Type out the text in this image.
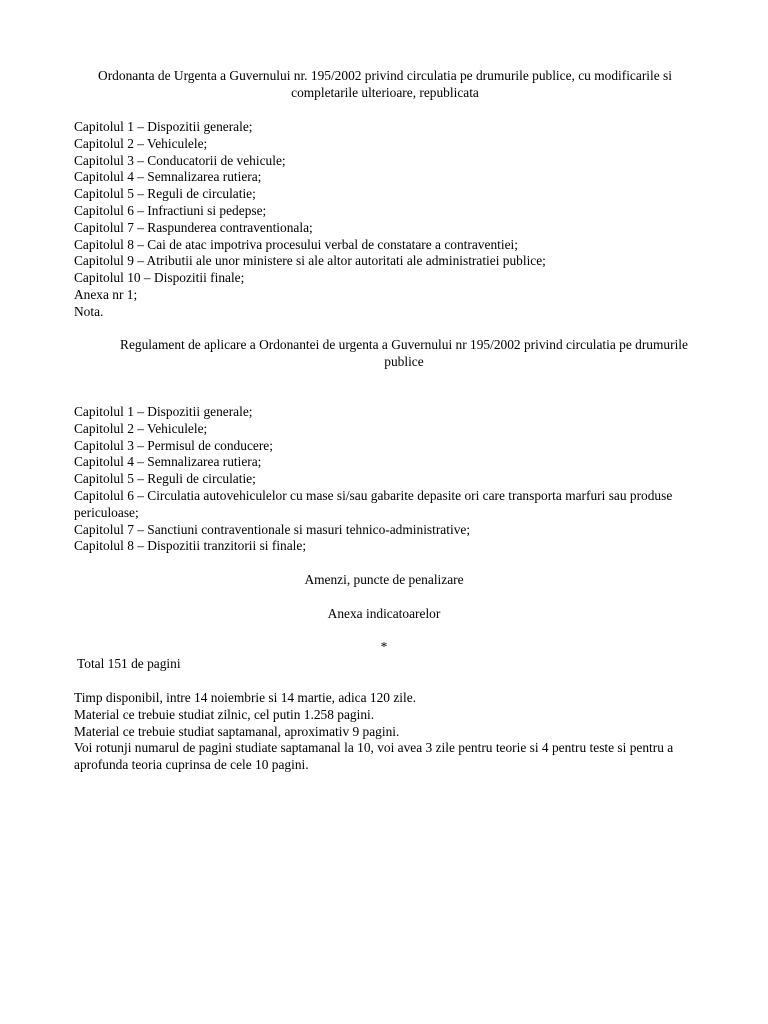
Ordonanta de Urgenta a Guvernului nr. 195/2002 privind circulatia pe drumurile publice, cu modificarile si completarile ulterioare, republicata
Capitolul 1 – Dispozitii generale;
Capitolul 2 – Vehiculele;
Capitolul 3 – Conducatorii de vehicule;
Capitolul 4 – Semnalizarea rutiera;
Capitolul 5 – Reguli de circulatie;
Capitolul 6 – Infractiuni si pedepse;
Capitolul 7 – Raspunderea contraventionala;
Capitolul 8 – Cai de atac impotriva procesului verbal de constatare a contraventiei;
Capitolul 9 – Atributii ale unor ministere si ale altor autoritati ale administratiei publice;
Capitolul 10 – Dispozitii finale;
Anexa nr 1;
Nota.
Regulament de aplicare a Ordonantei de urgenta a Guvernului nr 195/2002 privind circulatia pe drumurile publice
Capitolul 1 – Dispozitii generale;
Capitolul 2 – Vehiculele;
Capitolul 3 – Permisul de conducere;
Capitolul 4 – Semnalizarea rutiera;
Capitolul 5 – Reguli de circulatie;
Capitolul 6 – Circulatia autovehiculelor cu mase si/sau gabarite depasite ori care transporta marfuri sau produse periculoase;
Capitolul 7 – Sanctiuni contraventionale si masuri tehnico-administrative;
Capitolul 8 – Dispozitii tranzitorii si finale;
Amenzi, puncte de penalizare
Anexa indicatoarelor
*
Total 151 de pagini
Timp disponibil, intre 14 noiembrie si 14 martie, adica 120 zile.
Material ce trebuie studiat zilnic, cel putin 1.258 pagini.
Material ce trebuie studiat saptamanal, aproximativ 9 pagini.
Voi rotunji numarul de pagini studiate saptamanal la 10, voi avea 3 zile pentru teorie si 4 pentru teste si pentru a aprofunda teoria cuprinsa de cele 10 pagini.
